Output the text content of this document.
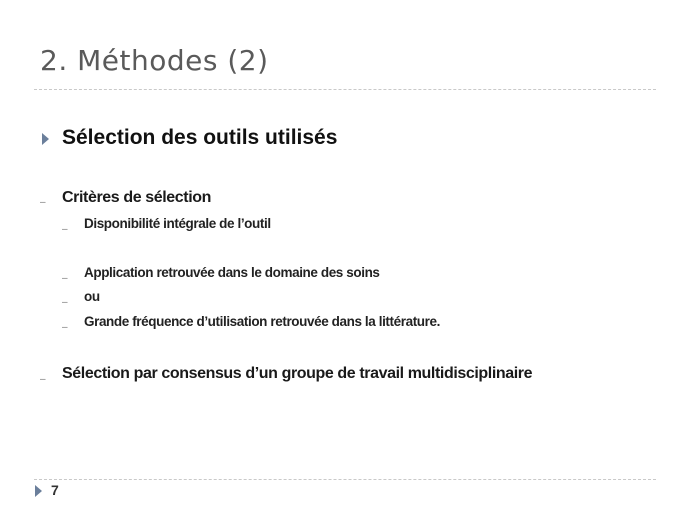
2. Méthodes (2)
Sélection des outils utilisés
– Critères de sélection
– Disponibilité intégrale de l’outil
– Application retrouvée dans le domaine des soins
– ou
– Grande fréquence d’utilisation retrouvée dans la littérature.
– Sélection par consensus d’un groupe de travail multidisciplinaire
7
